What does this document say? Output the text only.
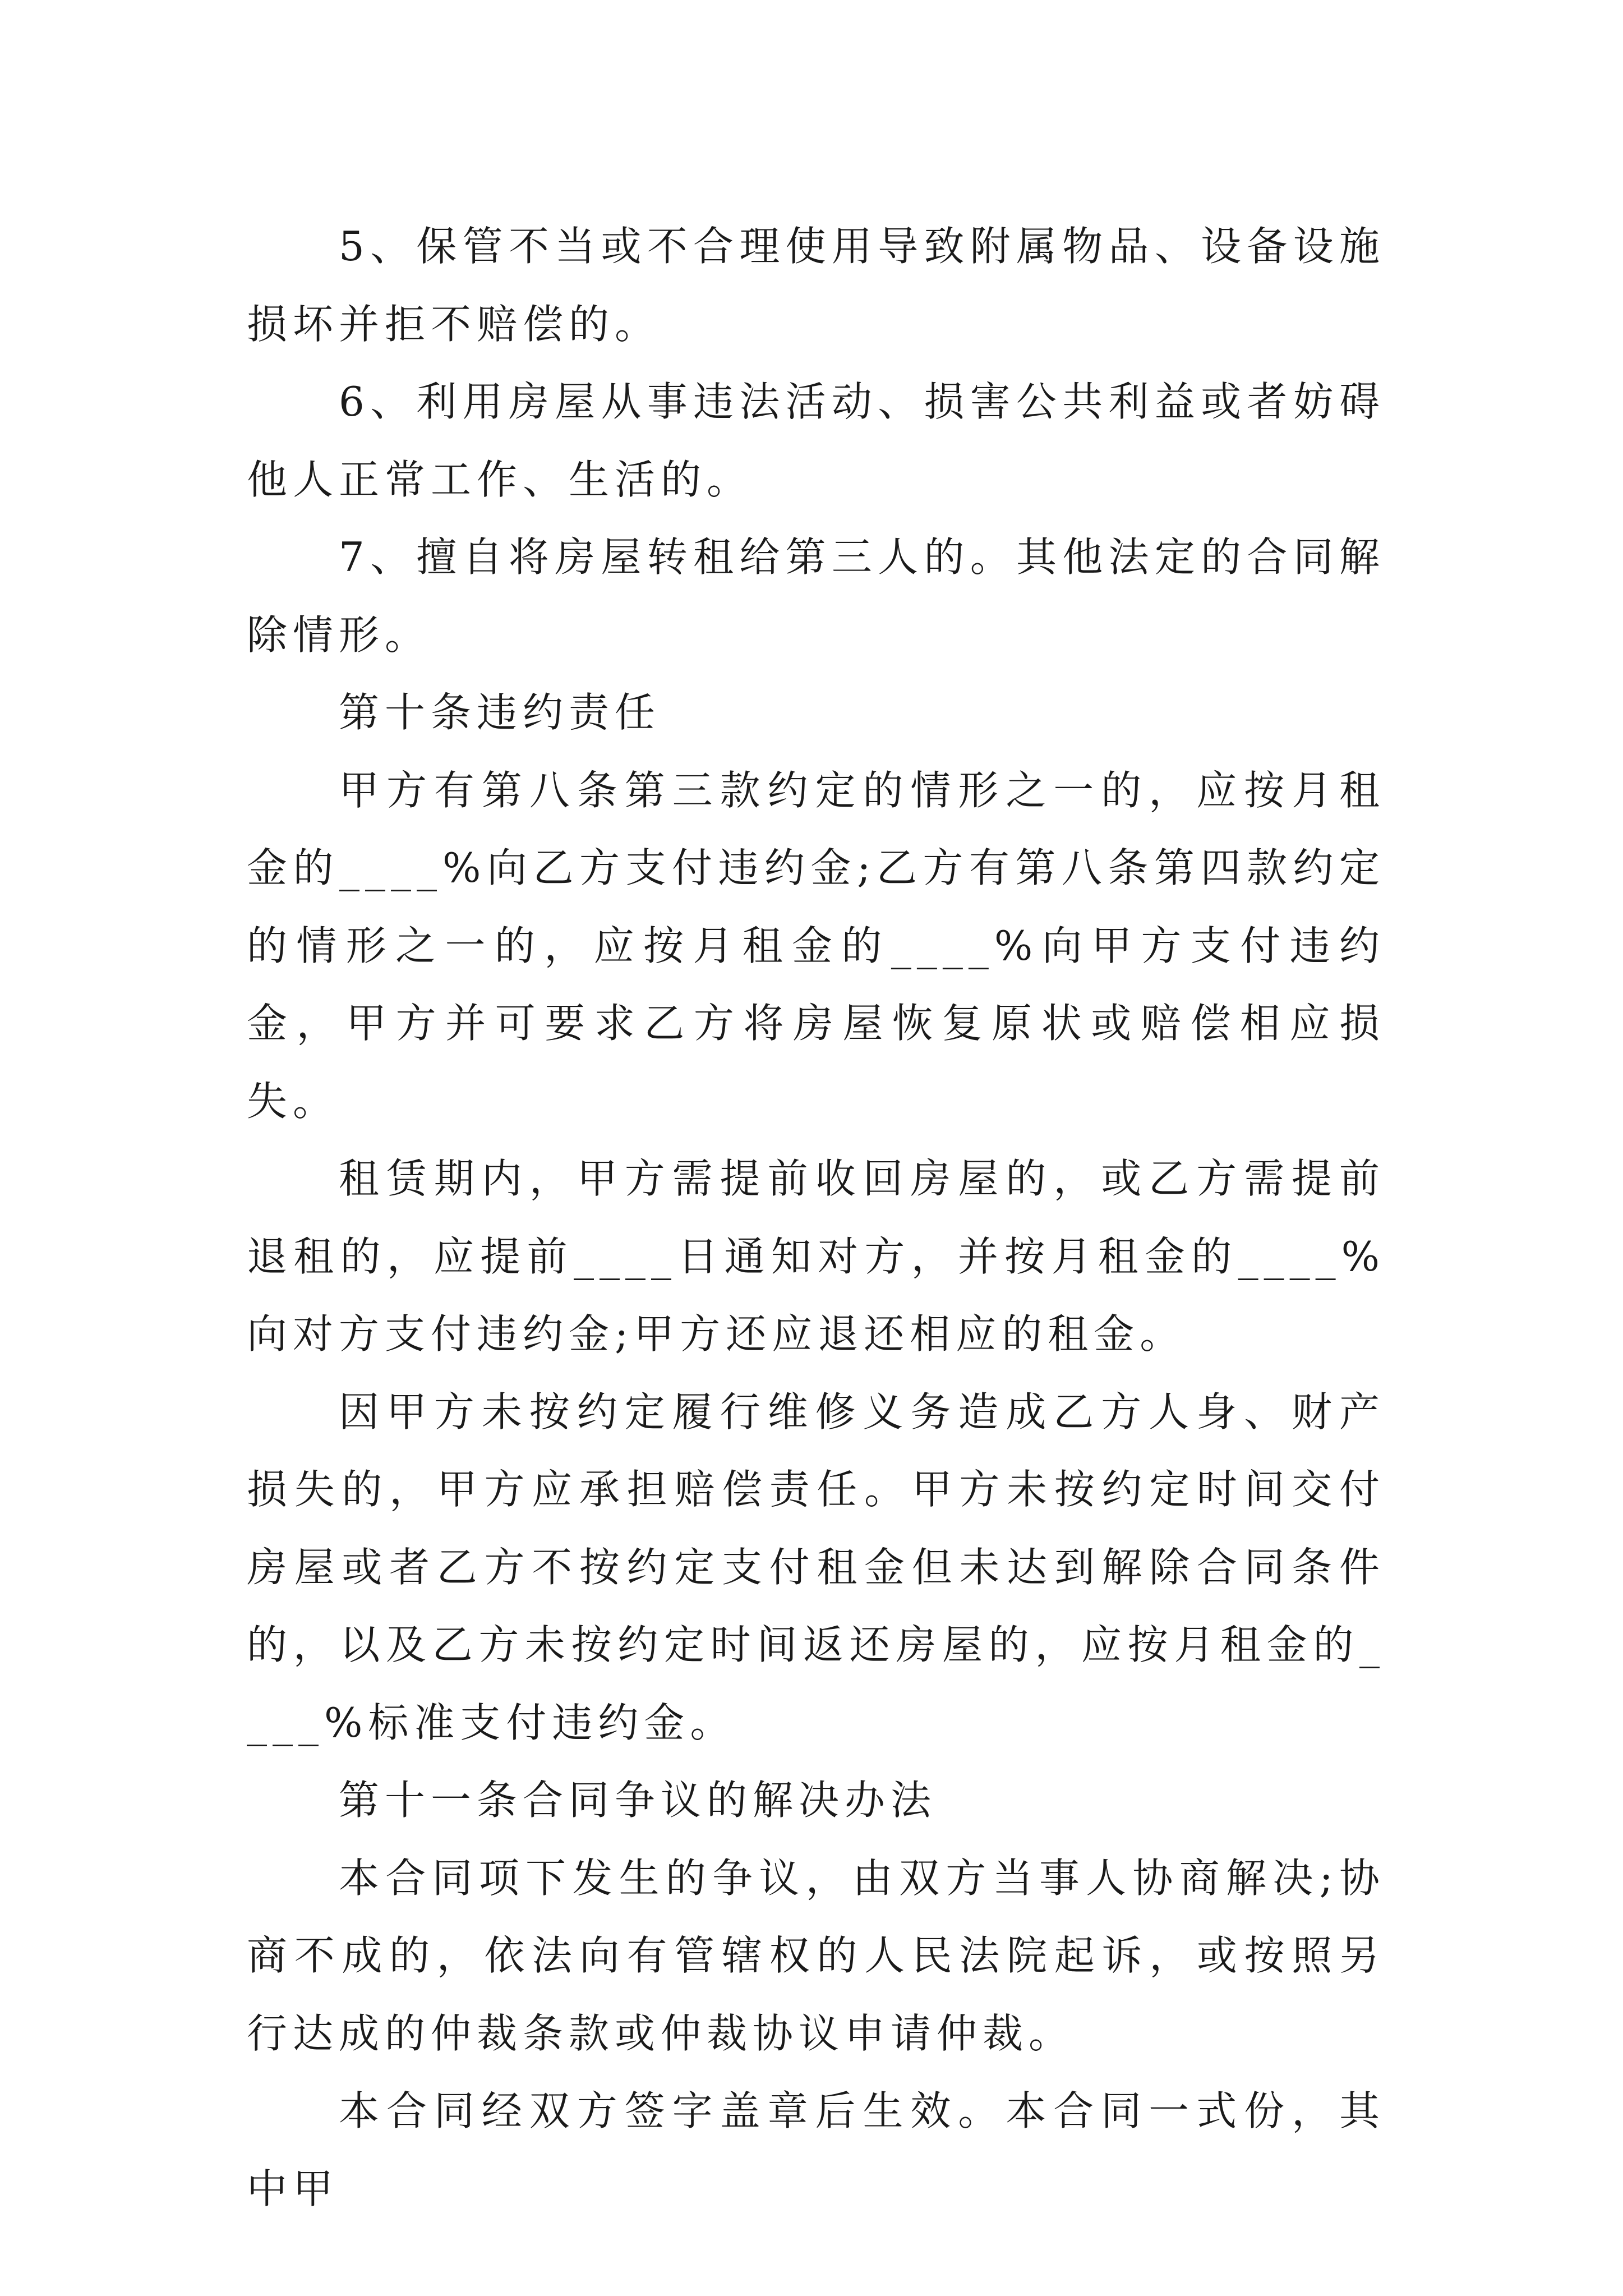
5、保管不当或不合理使用导致附属物品、设备设施损坏并拒不赔偿的。

6、利用房屋从事违法活动、损害公共利益或者妨碍他人正常工作、生活的。

7、擅自将房屋转租给第三人的。其他法定的合同解除情形。

第十条违约责任

甲方有第八条第三款约定的情形之一的，应按月租金的____%向乙方支付违约金;乙方有第八条第四款约定的情形之一的，应按月租金的____%向甲方支付违约金，甲方并可要求乙方将房屋恢复原状或赔偿相应损失。

租赁期内，甲方需提前收回房屋的，或乙方需提前退租的，应提前____日通知对方，并按月租金的____%向对方支付违约金;甲方还应退还相应的租金。

因甲方未按约定履行维修义务造成乙方人身、财产损失的，甲方应承担赔偿责任。甲方未按约定时间交付房屋或者乙方不按约定支付租金但未达到解除合同条件的，以及乙方未按约定时间返还房屋的，应按月租金的____%标准支付违约金。

第十一条合同争议的解决办法

本合同项下发生的争议，由双方当事人协商解决;协商不成的，依法向有管辖权的人民法院起诉，或按照另行达成的仲裁条款或仲裁协议申请仲裁。

本合同经双方签字盖章后生效。本合同一式份，其中甲
